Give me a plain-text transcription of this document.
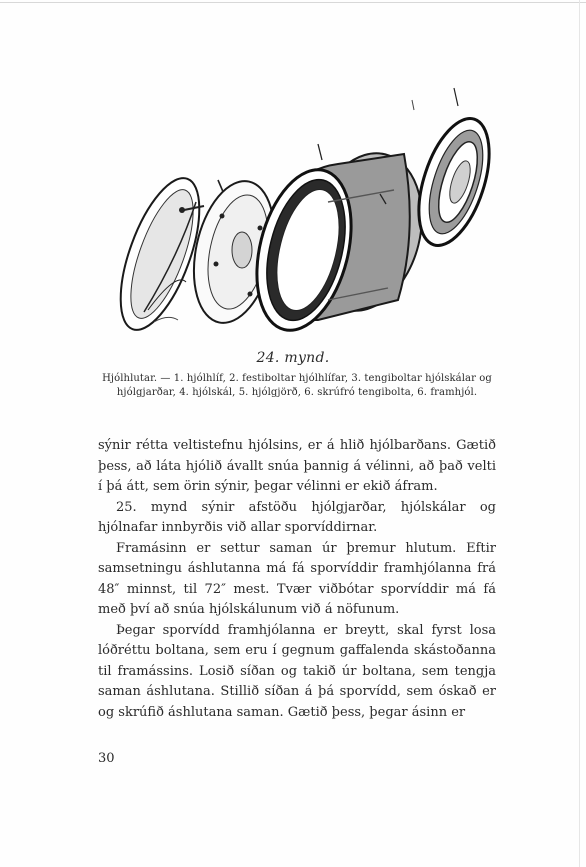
24. mynd.
Hjólhlutar. — 1. hjólhlíf, 2. festiboltar hjólhlífar, 3. tengiboltar hjólskálar og hjólgjarðar, 4. hjólskál, 5. hjólgjörð, 6. skrúfró tengibolta, 6. framhjól.

sýnir rétta veltistefnu hjólsins, er á hlið hjólbarðans. Gætið þess, að láta hjólið ávallt snúa þannig á vélinni, að það velti í þá átt, sem örin sýnir, þegar vélinni er ekið áfram.

25. mynd sýnir afstöðu hjólgjarðar, hjólskálar og hjólnafar innbyrðis við allar sporvíddirnar.

Framásinn er settur saman úr þremur hlutum. Eftir samsetningu áshlutanna má fá sporvíddir framhjólanna frá 48″ minnst, til 72″ mest. Tvær viðbótar sporvíddir má fá með því að snúa hjólskálunum við á nöfunum.

Þegar sporvídd framhjólanna er breytt, skal fyrst losa lóðréttu boltana, sem eru í gegnum gaffalenda skástoðanna til framássins. Losið síðan og takið úr boltana, sem tengja saman áshlutana. Stillið síðan á þá sporvídd, sem óskað er og skrúfið áshlutana saman. Gætið þess, þegar ásinn er

30
